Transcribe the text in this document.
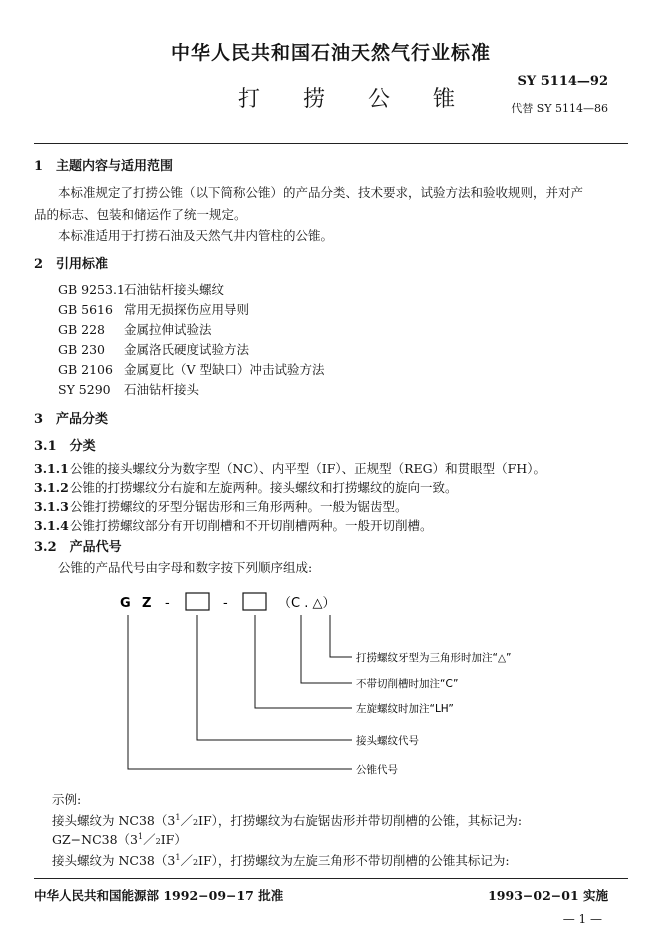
中华人民共和国石油天然气行业标准
打 捞 公 锥
SY 5114—92
代替 SY 5114—86
1　主题内容与适用范围
本标准规定了打捞公锥（以下简称公锥）的产品分类、技术要求，试验方法和验收规则，并对产
品的标志、包装和储运作了统一规定。
本标准适用于打捞石油及天然气井内管柱的公锥。
2　引用标准
GB 9253.1石油钻杆接头螺纹
GB 5616 常用无损探伤应用导则
GB 228 金属拉伸试验法
GB 230 金属洛氏硬度试验方法
GB 2106 金属夏比（V 型缺口）冲击试验方法
SY 5290 石油钻杆接头
3　产品分类
3.1　分类
3.1.1公锥的接头螺纹分为数字型（NC）、内平型（IF）、正规型（REG）和贯眼型（FH）。
3.1.2公锥的打捞螺纹分右旋和左旋两种。接头螺纹和打捞螺纹的旋向一致。
3.1.3公锥打捞螺纹的牙型分锯齿形和三角形两种。一般为锯齿型。
3.1.4公锥打捞螺纹部分有开切削槽和不开切削槽两种。一般开切削槽。
3.2　产品代号
公锥的产品代号由字母和数字按下列顺序组成:
G Z -	-	（C . △）
打捞螺纹牙型为三角形时加注“△”
不带切削槽时加注“C”
左旋螺纹时加注“LH”
接头螺纹代号
公锥代号
示例:
接头螺纹为 $NC38(3^1/2IF)$，打捞螺纹为右旋锯齿形并带切削槽的公锥，其标记为:
$GZ-NC38(3^1/2IF)$
接头螺纹为 $NC38(3^1/2IF)$，打捞螺纹为左旋三角形不带切削槽的公锥其标记为:
中华人民共和国能源部 1992−09−17 批准	1993−02−01 实施
— 1 —
